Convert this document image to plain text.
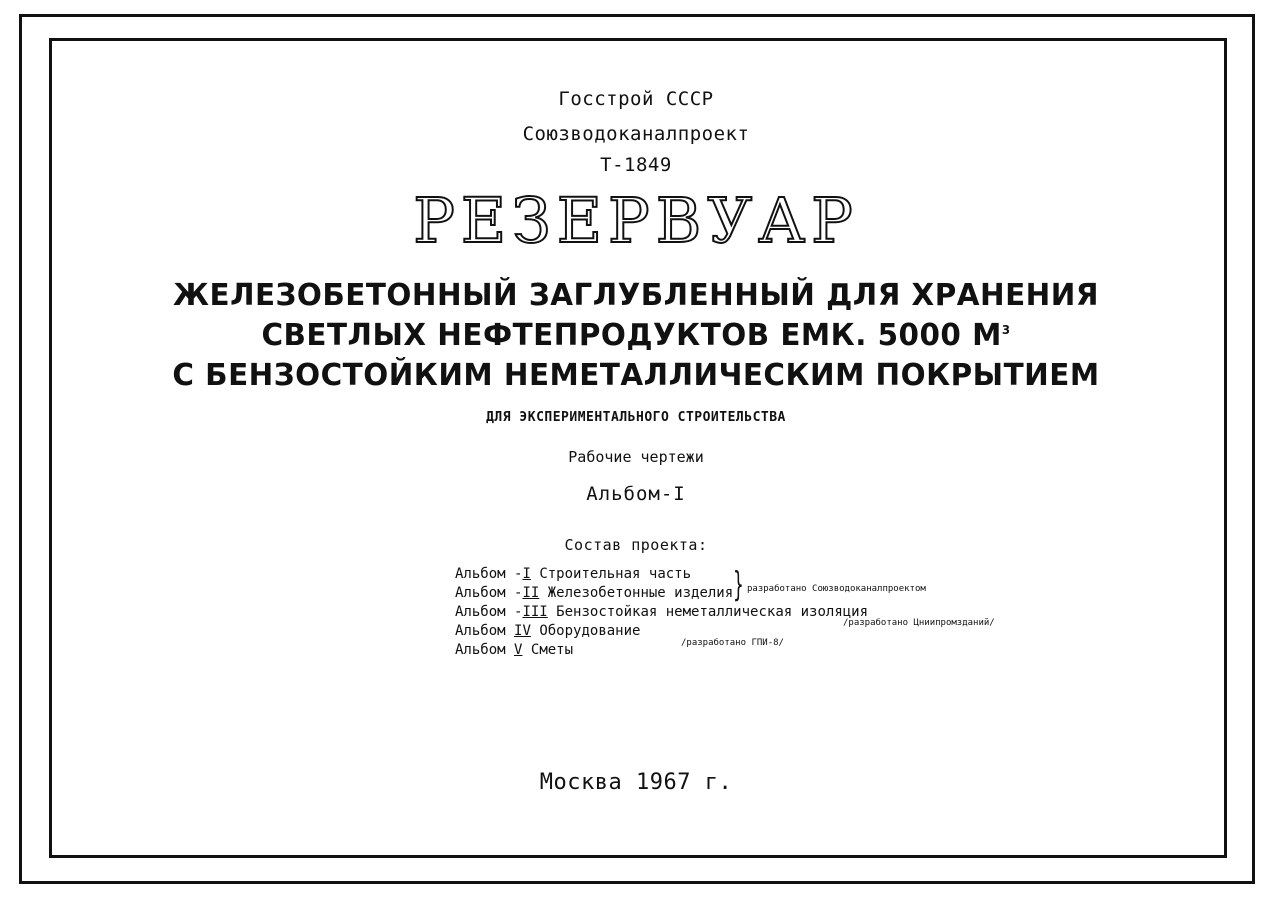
Госстрой СССР
Союзводоканалпроект
Т-1849
РЕЗЕРВУАР
ЖЕЛЕЗОБЕТОННЫЙ ЗАГЛУБЛЕННЫЙ ДЛЯ ХРАНЕНИЯ
СВЕТЛЫХ НЕФТЕПРОДУКТОВ ЕМК. 5000 $М^3$
С БЕНЗОСТОЙКИМ НЕМЕТАЛЛИЧЕСКИМ ПОКРЫТИЕМ
ДЛЯ ЭКСПЕРИМЕНТАЛЬНОГО СТРОИТЕЛЬСТВА
Рабочие чертежи
Альбом-I
Состав проекта:
Альбом -I Строительная часть
Альбом -II Железобетонные изделия
Альбом -III Бензостойкая неметаллическая изоляция
Альбом IV Оборудование
Альбом V Сметы
} разработано Союзводоканалпроектом
/разработано Цниипромзданий/
/разработано ГПИ-8/
Москва 1967 г.
